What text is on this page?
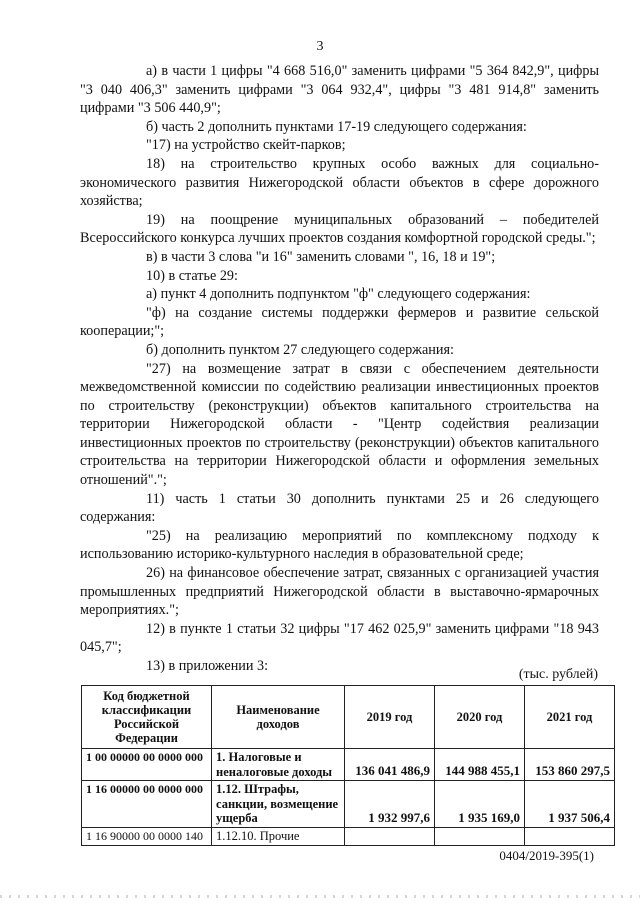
3

а) в части 1 цифры "4 668 516,0" заменить цифрами "5 364 842,9", цифры "3 040 406,3" заменить цифрами "3 064 932,4", цифры "3 481 914,8" заменить цифрами "3 506 440,9";

б) часть 2 дополнить пунктами 17-19 следующего содержания:

"17) на устройство скейт-парков;

18) на строительство крупных особо важных для социально-экономического развития Нижегородской области объектов в сфере дорожного хозяйства;

19) на поощрение муниципальных образований – победителей Всероссийского конкурса лучших проектов создания комфортной городской среды.";

в) в части 3 слова "и 16" заменить словами ", 16, 18 и 19";

10) в статье 29:

а) пункт 4 дополнить подпунктом "ф" следующего содержания:

"ф) на создание системы поддержки фермеров и развитие сельской кооперации;";

б) дополнить пунктом 27 следующего содержания:

"27) на возмещение затрат в связи с обеспечением деятельности межведомственной комиссии по содействию реализации инвестиционных проектов по строительству (реконструкции) объектов капитального строительства на территории Нижегородской области - "Центр содействия реализации инвестиционных проектов по строительству (реконструкции) объектов капитального строительства на территории Нижегородской области и оформления земельных отношений".";

11) часть 1 статьи 30 дополнить пунктами 25 и 26 следующего содержания:

"25) на реализацию мероприятий по комплексному подходу к использованию историко-культурного наследия в образовательной среде;

26) на финансовое обеспечение затрат, связанных с организацией участия промышленных предприятий Нижегородской области в выставочно-ярмарочных мероприятиях.";

12) в пункте 1 статьи 32 цифры "17 462 025,9" заменить цифрами "18 943 045,7";

13) в приложении 3:

(тыс. рублей)
Код бюджетной классификации Российской Федерации	Наименование доходов	2019 год	2020 год	2021 год
1 00 00000 00 0000 000	1. Налоговые и неналоговые доходы	136 041 486,9	144 988 455,1	153 860 297,5
1 16 00000 00 0000 000	1.12. Штрафы, санкции, возмещение ущерба	1 932 997,6	1 935 169,0	1 937 506,4
1 16 90000 00 0000 140	1.12.10. Прочие			
0404/2019-395(1)
